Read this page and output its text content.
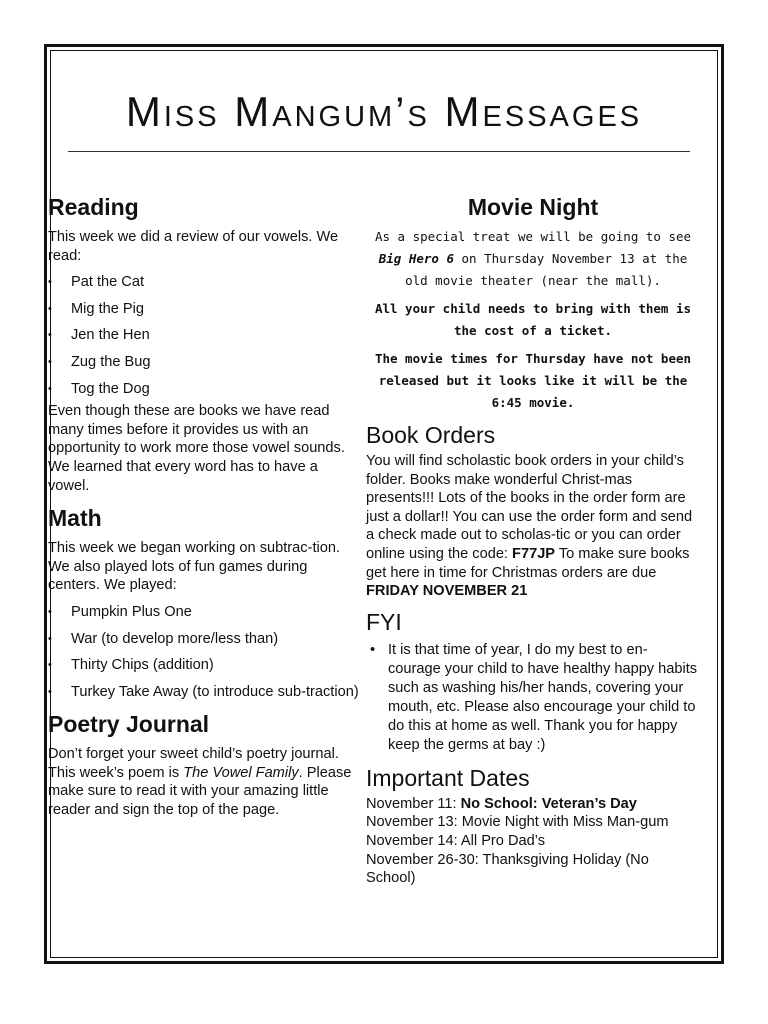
Miss Mangum’s Messages
Reading

This week we did a review of our vowels. We read:

• Pat the Cat
• Mig the Pig
• Jen the Hen
• Zug the Bug
• Tog the Dog

Even though these are books we have read many times before it provides us with an opportunity to work more those vowel sounds. We learned that every word has to have a vowel.

Math

This week we began working on subtrac-tion. We also played lots of fun games during centers. We played:

• Pumpkin Plus One
• War (to develop more/less than)
• Thirty Chips (addition)
• Turkey Take Away (to introduce sub-traction)
Poetry Journal

Don’t forget your sweet child’s poetry journal. This week’s poem is The Vowel Family. Please make sure to read it with your amazing little reader and sign the top of the page.

Movie Night

As a special treat we will be going to see Big Hero 6 on Thursday November 13 at the old movie theater (near the mall).

All your child needs to bring with them is the cost of a ticket.

The movie times for Thursday have not been released but it looks like it will be the 6:45 movie.

Book Orders

You will find scholastic book orders in your child’s folder. Books make wonderful Christ-mas presents!!! Lots of the books in the order form are just a dollar!! You can use the order form and send a check made out to scholas-tic or you can order online using the code: F77JP To make sure books get here in time for Christmas orders are due FRIDAY NOVEMBER 21

FYI
• It is that time of year, I do my best to en-courage your child to have healthy happy habits such as washing his/her hands, covering your mouth, etc. Please also encourage your child to do this at home as well. Thank you for happy keep the germs at bay :)
Important Dates

November 11: No School: Veteran’s Day

November 13: Movie Night with Miss Man-gum

November 14: All Pro Dad’s

November 26-30: Thanksgiving Holiday (No School)
